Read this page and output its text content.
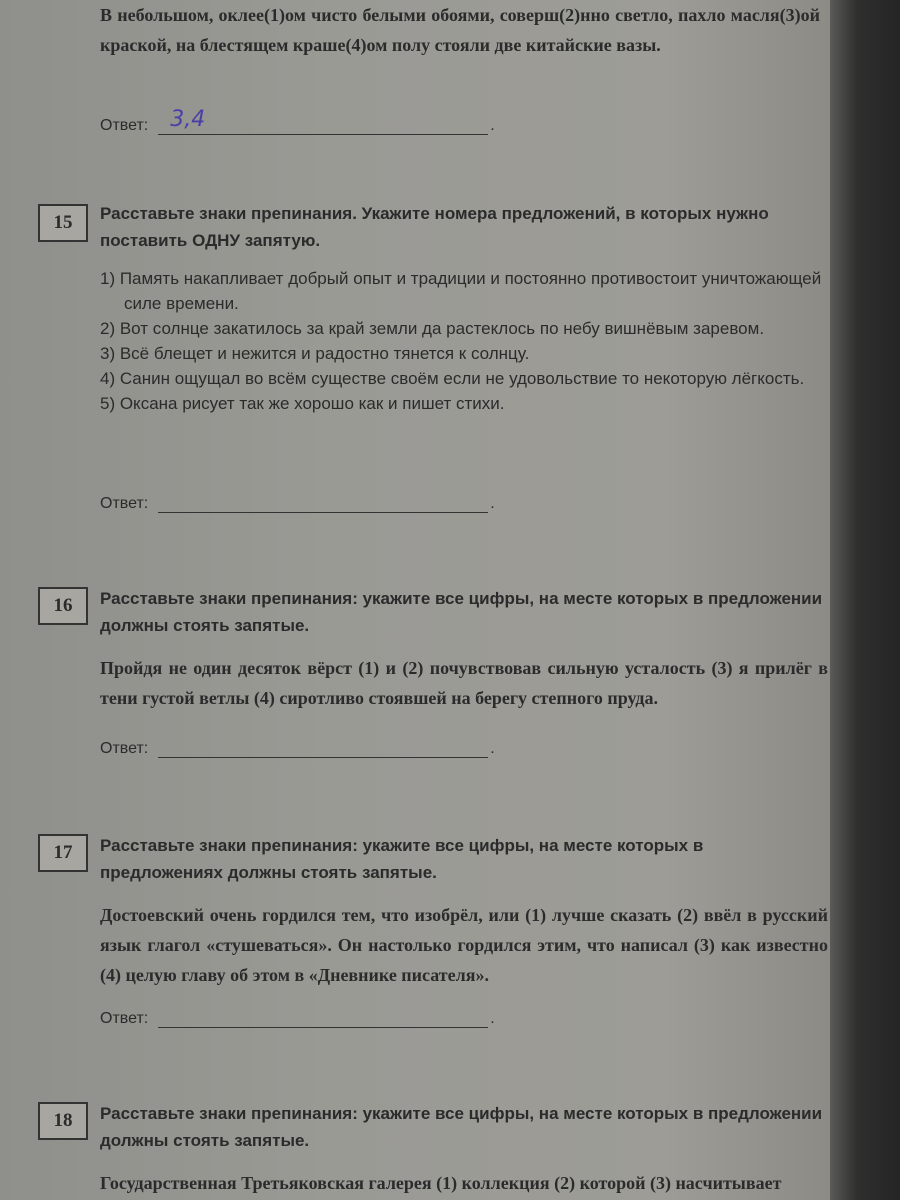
В небольшом, оклее(1)ом чисто белыми обоями, соверш(2)нно светло, пахло масля(3)ой краской, на блестящем краше(4)ом полу стояли две китайские вазы.
Ответ: 3,4	.
15	Расставьте знаки препинания. Укажите номера предложений, в которых нужно поставить ОДНУ запятую.

1) Память накапливает добрый опыт и традиции и постоянно противостоит уничтожающей силе времени.
2) Вот солнце закатилось за край земли да растеклось по небу вишнёвым заревом.
3) Всё блещет и нежится и радостно тянется к солнцу.
4) Санин ощущал во всём существе своём если не удовольствие то некоторую лёгкость.
5) Оксана рисует так же хорошо как и пишет стихи.
Ответ:	.
16	Расставьте знаки препинания: укажите все цифры, на месте которых в предложении должны стоять запятые.

Пройдя не один десяток вёрст (1) и (2) почувствовав сильную усталость (3) я прилёг в тени густой ветлы (4) сиротливо стоявшей на берегу степного пруда.

Ответ:	.
17	Расставьте знаки препинания: укажите все цифры, на месте которых в предложениях должны стоять запятые.

Достоевский очень гордился тем, что изобрёл, или (1) лучше сказать (2) ввёл в русский язык глагол «стушеваться». Он настолько гордился этим, что написал (3) как известно (4) целую главу об этом в «Дневнике писателя».

Ответ:	.
18	Расставьте знаки препинания: укажите все цифры, на месте которых в предложении должны стоять запятые.

Государственная Третьяковская галерея (1) коллекция (2) которой (3) насчитывает
